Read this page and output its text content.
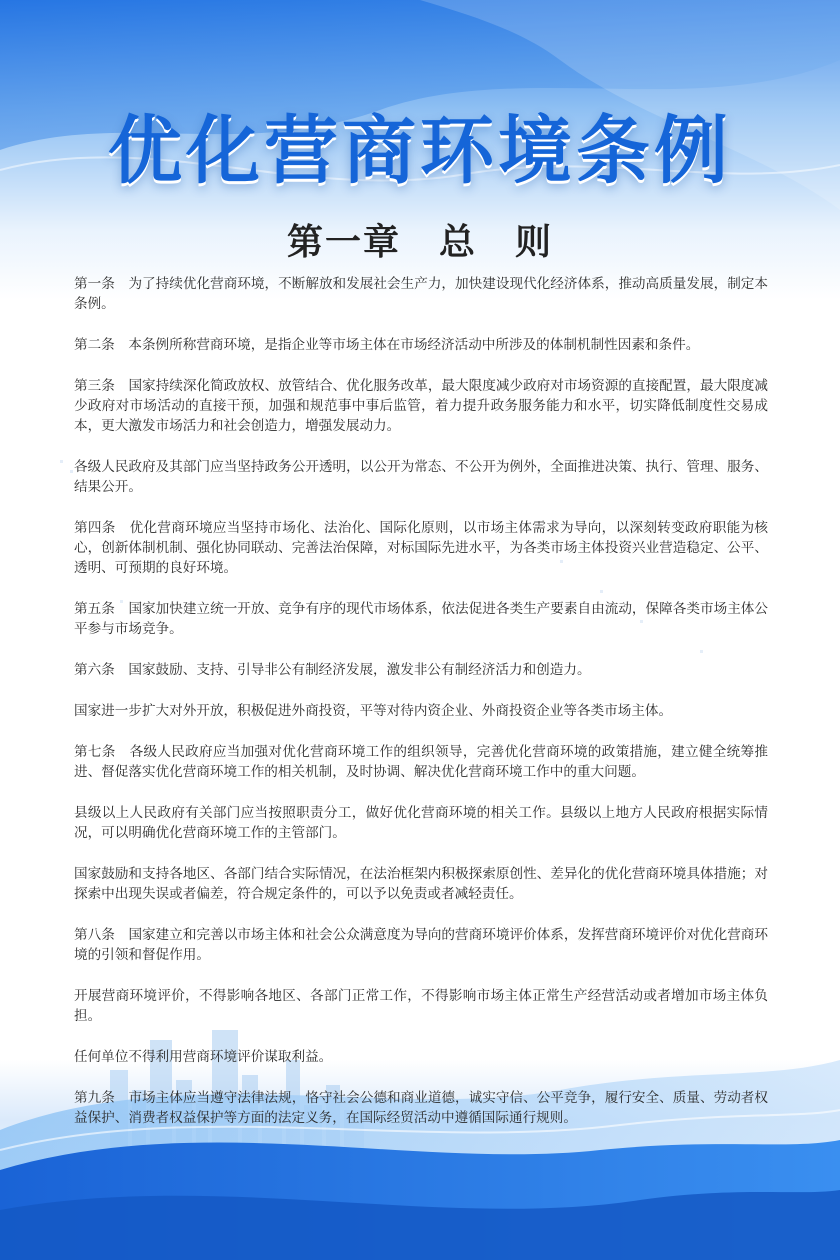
优化营商环境条例
第一章　总　则

第一条　 为了持续优化营商环境，不断解放和发展社会生产力，加快建设现代化经济体系，推动高质量发展，制定本条例。

第二条　 本条例所称营商环境，是指企业等市场主体在市场经济活动中所涉及的体制机制性因素和条件。

第三条　 国家持续深化简政放权、放管结合、优化服务改革，最大限度减少政府对市场资源的直接配置，最大限度减少政府对市场活动的直接干预，加强和规范事中事后监管，着力提升政务服务能力和水平，切实降低制度性交易成本，更大激发市场活力和社会创造力，增强发展动力。

各级人民政府及其部门应当坚持政务公开透明，以公开为常态、不公开为例外，全面推进决策、执行、管理、服务、结果公开。

第四条　 优化营商环境应当坚持市场化、法治化、国际化原则，以市场主体需求为导向，以深刻转变政府职能为核心，创新体制机制、强化协同联动、完善法治保障，对标国际先进水平，为各类市场主体投资兴业营造稳定、公平、透明、可预期的良好环境。

第五条　 国家加快建立统一开放、竞争有序的现代市场体系，依法促进各类生产要素自由流动，保障各类市场主体公平参与市场竞争。

第六条　 国家鼓励、支持、引导非公有制经济发展，激发非公有制经济活力和创造力。

国家进一步扩大对外开放，积极促进外商投资，平等对待内资企业、外商投资企业等各类市场主体。

第七条　 各级人民政府应当加强对优化营商环境工作的组织领导，完善优化营商环境的政策措施，建立健全统筹推进、督促落实优化营商环境工作的相关机制，及时协调、解决优化营商环境工作中的重大问题。

县级以上人民政府有关部门应当按照职责分工，做好优化营商环境的相关工作。县级以上地方人民政府根据实际情况，可以明确优化营商环境工作的主管部门。

国家鼓励和支持各地区、各部门结合实际情况，在法治框架内积极探索原创性、差异化的优化营商环境具体措施；对探索中出现失误或者偏差，符合规定条件的，可以予以免责或者减轻责任。

第八条　 国家建立和完善以市场主体和社会公众满意度为导向的营商环境评价体系，发挥营商环境评价对优化营商环境的引领和督促作用。

开展营商环境评价，不得影响各地区、各部门正常工作，不得影响市场主体正常生产经营活动或者增加市场主体负担。

任何单位不得利用营商环境评价谋取利益。

第九条　 市场主体应当遵守法律法规，恪守社会公德和商业道德，诚实守信、公平竞争，履行安全、质量、劳动者权益保护、消费者权益保护等方面的法定义务，在国际经贸活动中遵循国际通行规则。
